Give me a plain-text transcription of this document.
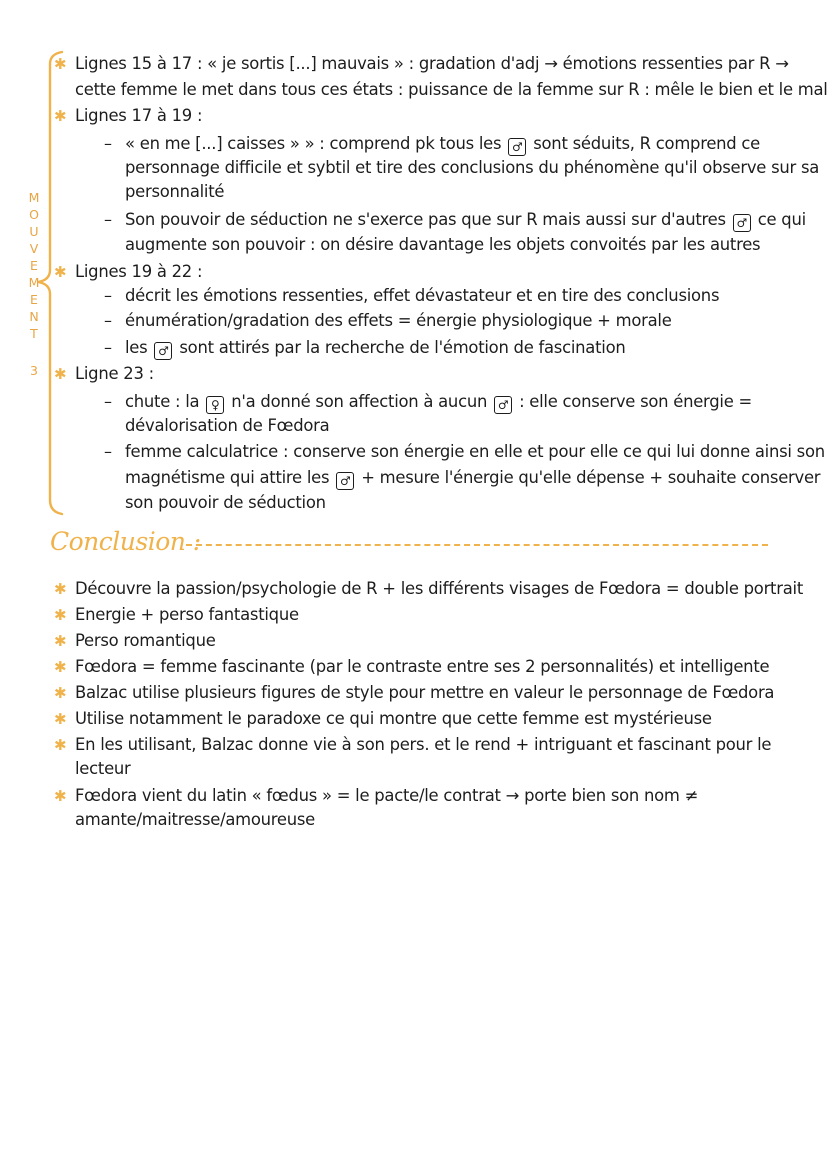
M
O
U
V
E
M
E
N
T
3
✱ Lignes 15 à 17 : « je sortis [...] mauvais » : gradation d'adj → émotions ressenties par R →
cette femme le met dans tous ces états : puissance de la femme sur R : mêle le bien et le mal
✱ Lignes 17 à 19 :
– « en me [...] caisses » » : comprend pk tous les ♂ sont séduits, R comprend ce
personnage difficile et sybtil et tire des conclusions du phénomène qu'il observe sur sa
personnalité
– Son pouvoir de séduction ne s'exerce pas que sur R mais aussi sur d'autres ♂ ce qui
augmente son pouvoir : on désire davantage les objets convoités par les autres
✱ Lignes 19 à 22 :
– décrit les émotions ressenties, effet dévastateur et en tire des conclusions
– énumération/gradation des effets = énergie physiologique + morale
– les ♂ sont attirés par la recherche de l'émotion de fascination
✱ Ligne 23 :
– chute : la ♀ n'a donné son affection à aucun ♂ : elle conserve son énergie =
dévalorisation de Fœdora
– femme calculatrice : conserve son énergie en elle et pour elle ce qui lui donne ainsi son
magnétisme qui attire les ♂ + mesure l'énergie qu'elle dépense + souhaite conserver
son pouvoir de séduction
Conclusion :
✱ Découvre la passion/psychologie de R + les différents visages de Fœdora = double portrait
✱ Energie + perso fantastique
✱ Perso romantique
✱ Fœdora = femme fascinante (par le contraste entre ses 2 personnalités) et intelligente
✱ Balzac utilise plusieurs figures de style pour mettre en valeur le personnage de Fœdora
✱ Utilise notamment le paradoxe ce qui montre que cette femme est mystérieuse
✱ En les utilisant, Balzac donne vie à son pers. et le rend + intriguant et fascinant pour le
lecteur
✱ Fœdora vient du latin « fœdus » = le pacte/le contrat → porte bien son nom ≠
amante/maitresse/amoureuse
